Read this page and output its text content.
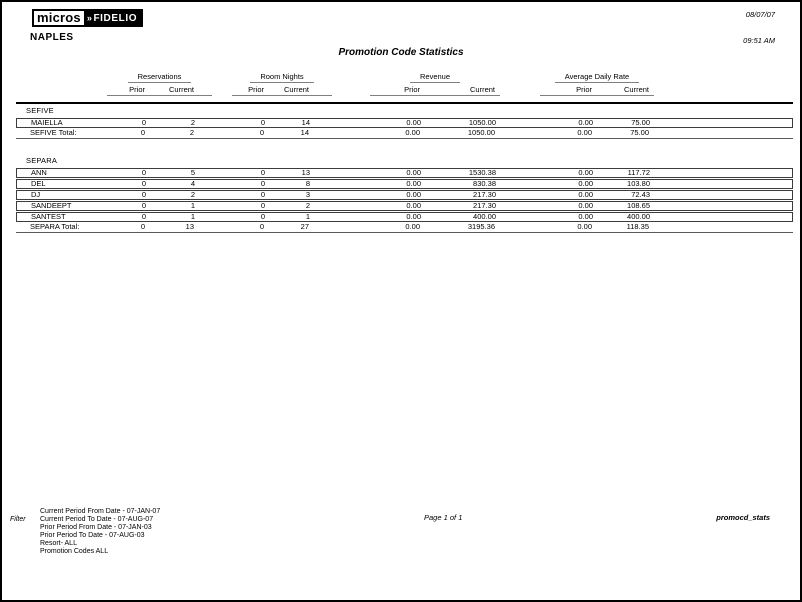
micros » FIDELIO	08/07/07
NAPLES	09:51 AM
Promotion Code Statistics
Reservations
Prior	Current
Room Nights
Prior	Current
Revenue
Prior	Current
Average Daily Rate
Prior	Current
SEFIVE
MAIELLA	0	2	0	14	0.00	1050.00	0.00	75.00
SEFIVE Total:	0	2	0	14	0.00	1050.00	0.00	75.00
SEPARA
ANN	0	5	0	13	0.00	1530.38	0.00	117.72
DEL	0	4	0	8	0.00	830.38	0.00	103.80
DJ	0	2	0	3	0.00	217.30	0.00	72.43
SANDEEPT	0	1	0	2	0.00	217.30	0.00	108.65
SANTEST	0	1	0	1	0.00	400.00	0.00	400.00
SEPARA Total:	0	13	0	27	0.00	3195.36	0.00	118.35
Filter
Current Period From Date - 07-JAN-07
Current Period To Date - 07-AUG-07
Prior Period From Date - 07-JAN-03
Prior Period To Date - 07-AUG-03
Resort- ALL
Promotion Codes ALL
Page 1 of 1	promocd_stats
